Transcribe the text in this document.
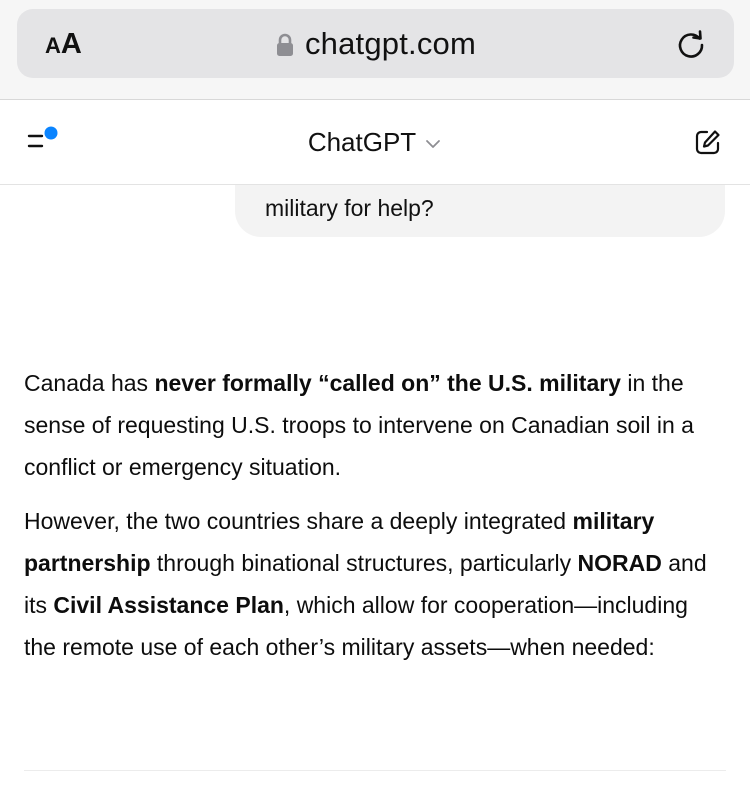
A A	chatgpt.com
ChatGPT
military for help?

Canada has never formally “called on” the U.S. military in the sense of requesting U.S. troops to intervene on Canadian soil in a conflict or emergency situation.

However, the two countries share a deeply integrated military partnership through binational structures, particularly NORAD and its Civil Assistance Plan, which allow for cooperation—including the remote use of each other’s military assets—when needed:
